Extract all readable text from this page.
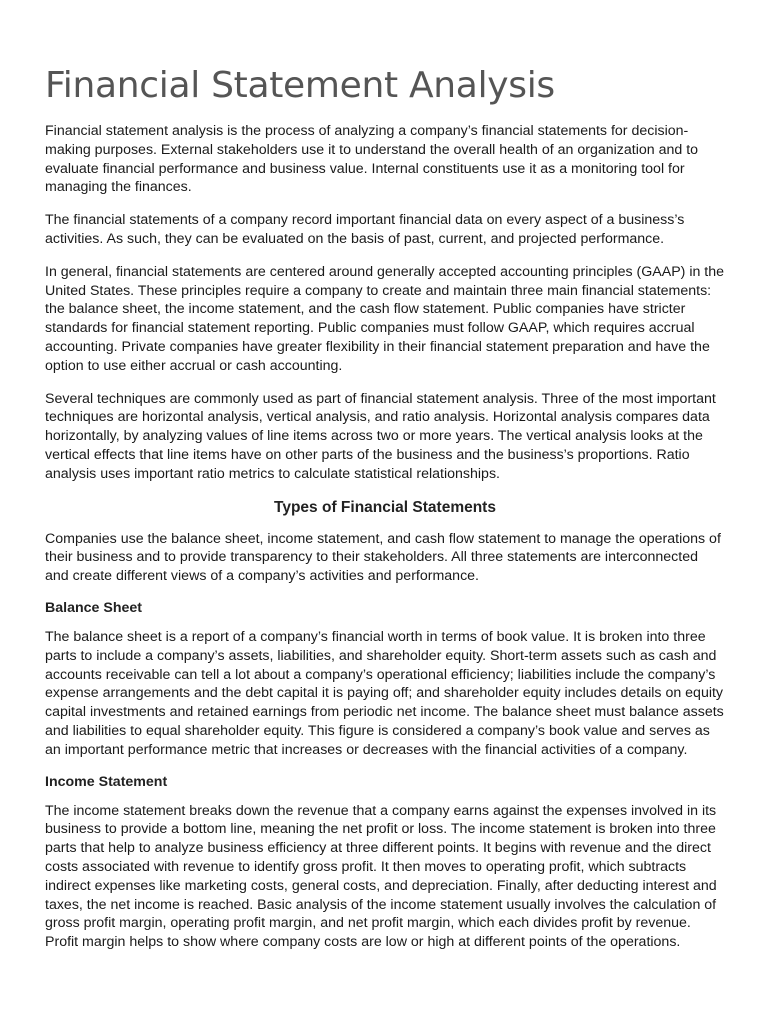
Financial Statement Analysis

Financial statement analysis is the process of analyzing a company’s financial statements for decision-making purposes. External stakeholders use it to understand the overall health of an organization and to evaluate financial performance and business value. Internal constituents use it as a monitoring tool for managing the finances.

The financial statements of a company record important financial data on every aspect of a business’s activities. As such, they can be evaluated on the basis of past, current, and projected performance.

In general, financial statements are centered around generally accepted accounting principles (GAAP) in the United States. These principles require a company to create and maintain three main financial statements: the balance sheet, the income statement, and the cash flow statement. Public companies have stricter standards for financial statement reporting. Public companies must follow GAAP, which requires accrual accounting. Private companies have greater flexibility in their financial statement preparation and have the option to use either accrual or cash accounting.

Several techniques are commonly used as part of financial statement analysis. Three of the most important techniques are horizontal analysis, vertical analysis, and ratio analysis. Horizontal analysis compares data horizontally, by analyzing values of line items across two or more years. The vertical analysis looks at the vertical effects that line items have on other parts of the business and the business’s proportions. Ratio analysis uses important ratio metrics to calculate statistical relationships.

Types of Financial Statements

Companies use the balance sheet, income statement, and cash flow statement to manage the operations of their business and to provide transparency to their stakeholders. All three statements are interconnected and create different views of a company’s activities and performance.

Balance Sheet

The balance sheet is a report of a company’s financial worth in terms of book value. It is broken into three parts to include a company’s assets, liabilities, and shareholder equity. Short-term assets such as cash and accounts receivable can tell a lot about a company’s operational efficiency; liabilities include the company’s expense arrangements and the debt capital it is paying off; and shareholder equity includes details on equity capital investments and retained earnings from periodic net income. The balance sheet must balance assets and liabilities to equal shareholder equity. This figure is considered a company’s book value and serves as an important performance metric that increases or decreases with the financial activities of a company.

Income Statement

The income statement breaks down the revenue that a company earns against the expenses involved in its business to provide a bottom line, meaning the net profit or loss. The income statement is broken into three parts that help to analyze business efficiency at three different points. It begins with revenue and the direct costs associated with revenue to identify gross profit. It then moves to operating profit, which subtracts indirect expenses like marketing costs, general costs, and depreciation. Finally, after deducting interest and taxes, the net income is reached. Basic analysis of the income statement usually involves the calculation of gross profit margin, operating profit margin, and net profit margin, which each divides profit by revenue. Profit margin helps to show where company costs are low or high at different points of the operations.
